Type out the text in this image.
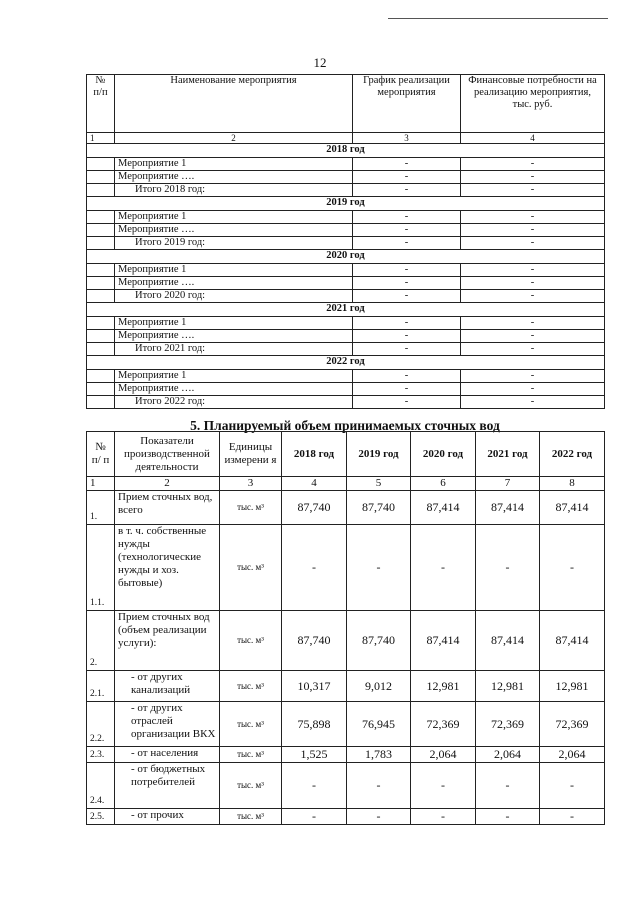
12
№ п/п	Наименование мероприятия	График реализации мероприятия	Финансовые потребности на реализацию мероприятия, тыс. руб.
1	2	3	4
2018 год			
	Мероприятие 1	-	-
	Мероприятие ….	-	-
	Итого 2018 год:	-	-
2019 год			
	Мероприятие 1	-	-
	Мероприятие ….	-	-
	Итого 2019 год:	-	-
2020 год			
	Мероприятие 1	-	-
	Мероприятие ….	-	-
	Итого 2020 год:	-	-
2021 год			
	Мероприятие 1	-	-
	Мероприятие ….	-	-
	Итого 2021 год:	-	-
2022 год			
	Мероприятие 1	-	-
	Мероприятие ….	-	-
	Итого 2022 год:	-	-
5. Планируемый объем принимаемых сточных вод
№ п/ п	Показатели производственной деятельности	Единицы измерени я	2018 год	2019 год	2020 год	2021 год	2022 год
1	2	3	4	5	6	7	8
1.	Прием сточных вод, всего	тыс. м³	87,740	87,740	87,414	87,414	87,414
1.1.	в т. ч. собственные нужды (технологические нужды и хоз. бытовые)	тыс. м³	-	-	-	-	-
2.	Прием сточных вод (объем реализации услуги):	тыс. м³	87,740	87,740	87,414	87,414	87,414
2.1.	- от других канализаций	тыс. м³	10,317	9,012	12,981	12,981	12,981
2.2.	- от других отраслей организации ВКХ	тыс. м³	75,898	76,945	72,369	72,369	72,369
2.3.	- от населения	тыс. м³	1,525	1,783	2,064	2,064	2,064
2.4.	- от бюджетных потребителей	тыс. м³	-	-	-	-	-
2.5.	- от прочих	тыс. м³	-	-	-	-	-
